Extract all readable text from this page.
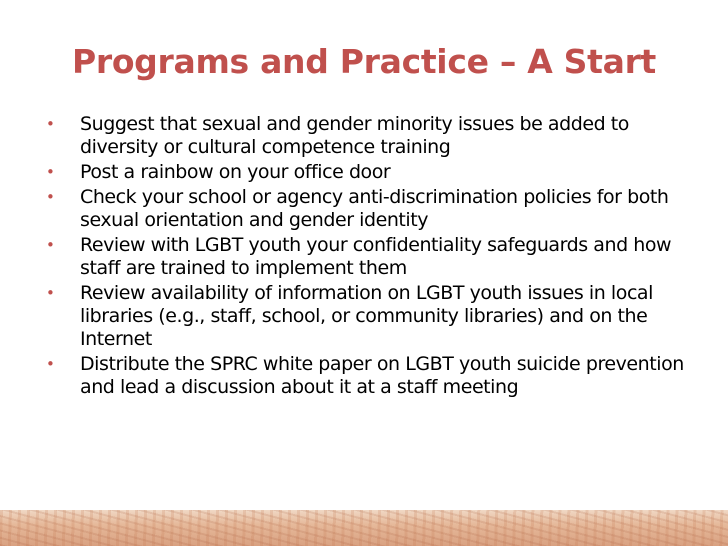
Programs and Practice – A Start
• Suggest that sexual and gender minority issues be added to diversity or cultural competence training
• Post a rainbow on your office door
• Check your school or agency anti-discrimination policies for both sexual orientation and gender identity
• Review with LGBT youth your confidentiality safeguards and how staff are trained to implement them
• Review availability of information on LGBT youth issues in local libraries (e.g., staff, school, or community libraries) and on the Internet
• Distribute the SPRC white paper on LGBT youth suicide prevention and lead a discussion about it at a staff meeting
